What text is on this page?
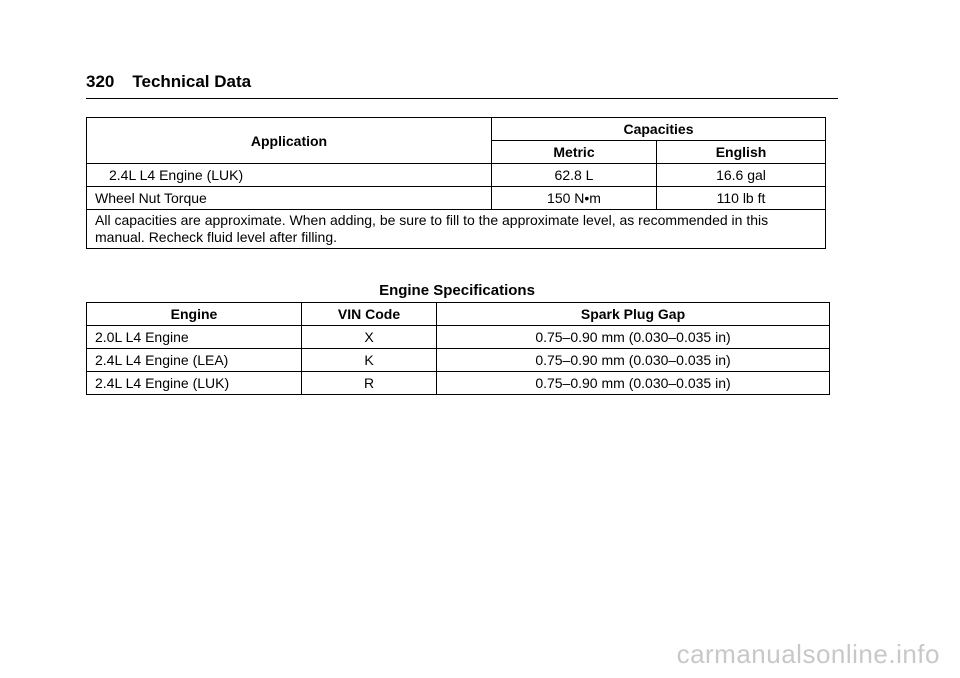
320 Technical Data
Application	Capacities	
	Metric	English
2.4L L4 Engine (LUK)	62.8 L	16.6 gal
Wheel Nut Torque	150 N•m	110 lb ft
All capacities are approximate. When adding, be sure to fill to the approximate level, as recommended in this manual. Recheck fluid level after filling.		
Engine Specifications
Engine	VIN Code	Spark Plug Gap
2.0L L4 Engine	X	0.75–0.90 mm (0.030–0.035 in)
2.4L L4 Engine (LEA)	K	0.75–0.90 mm (0.030–0.035 in)
2.4L L4 Engine (LUK)	R	0.75–0.90 mm (0.030–0.035 in)
carmanualsonline.info
